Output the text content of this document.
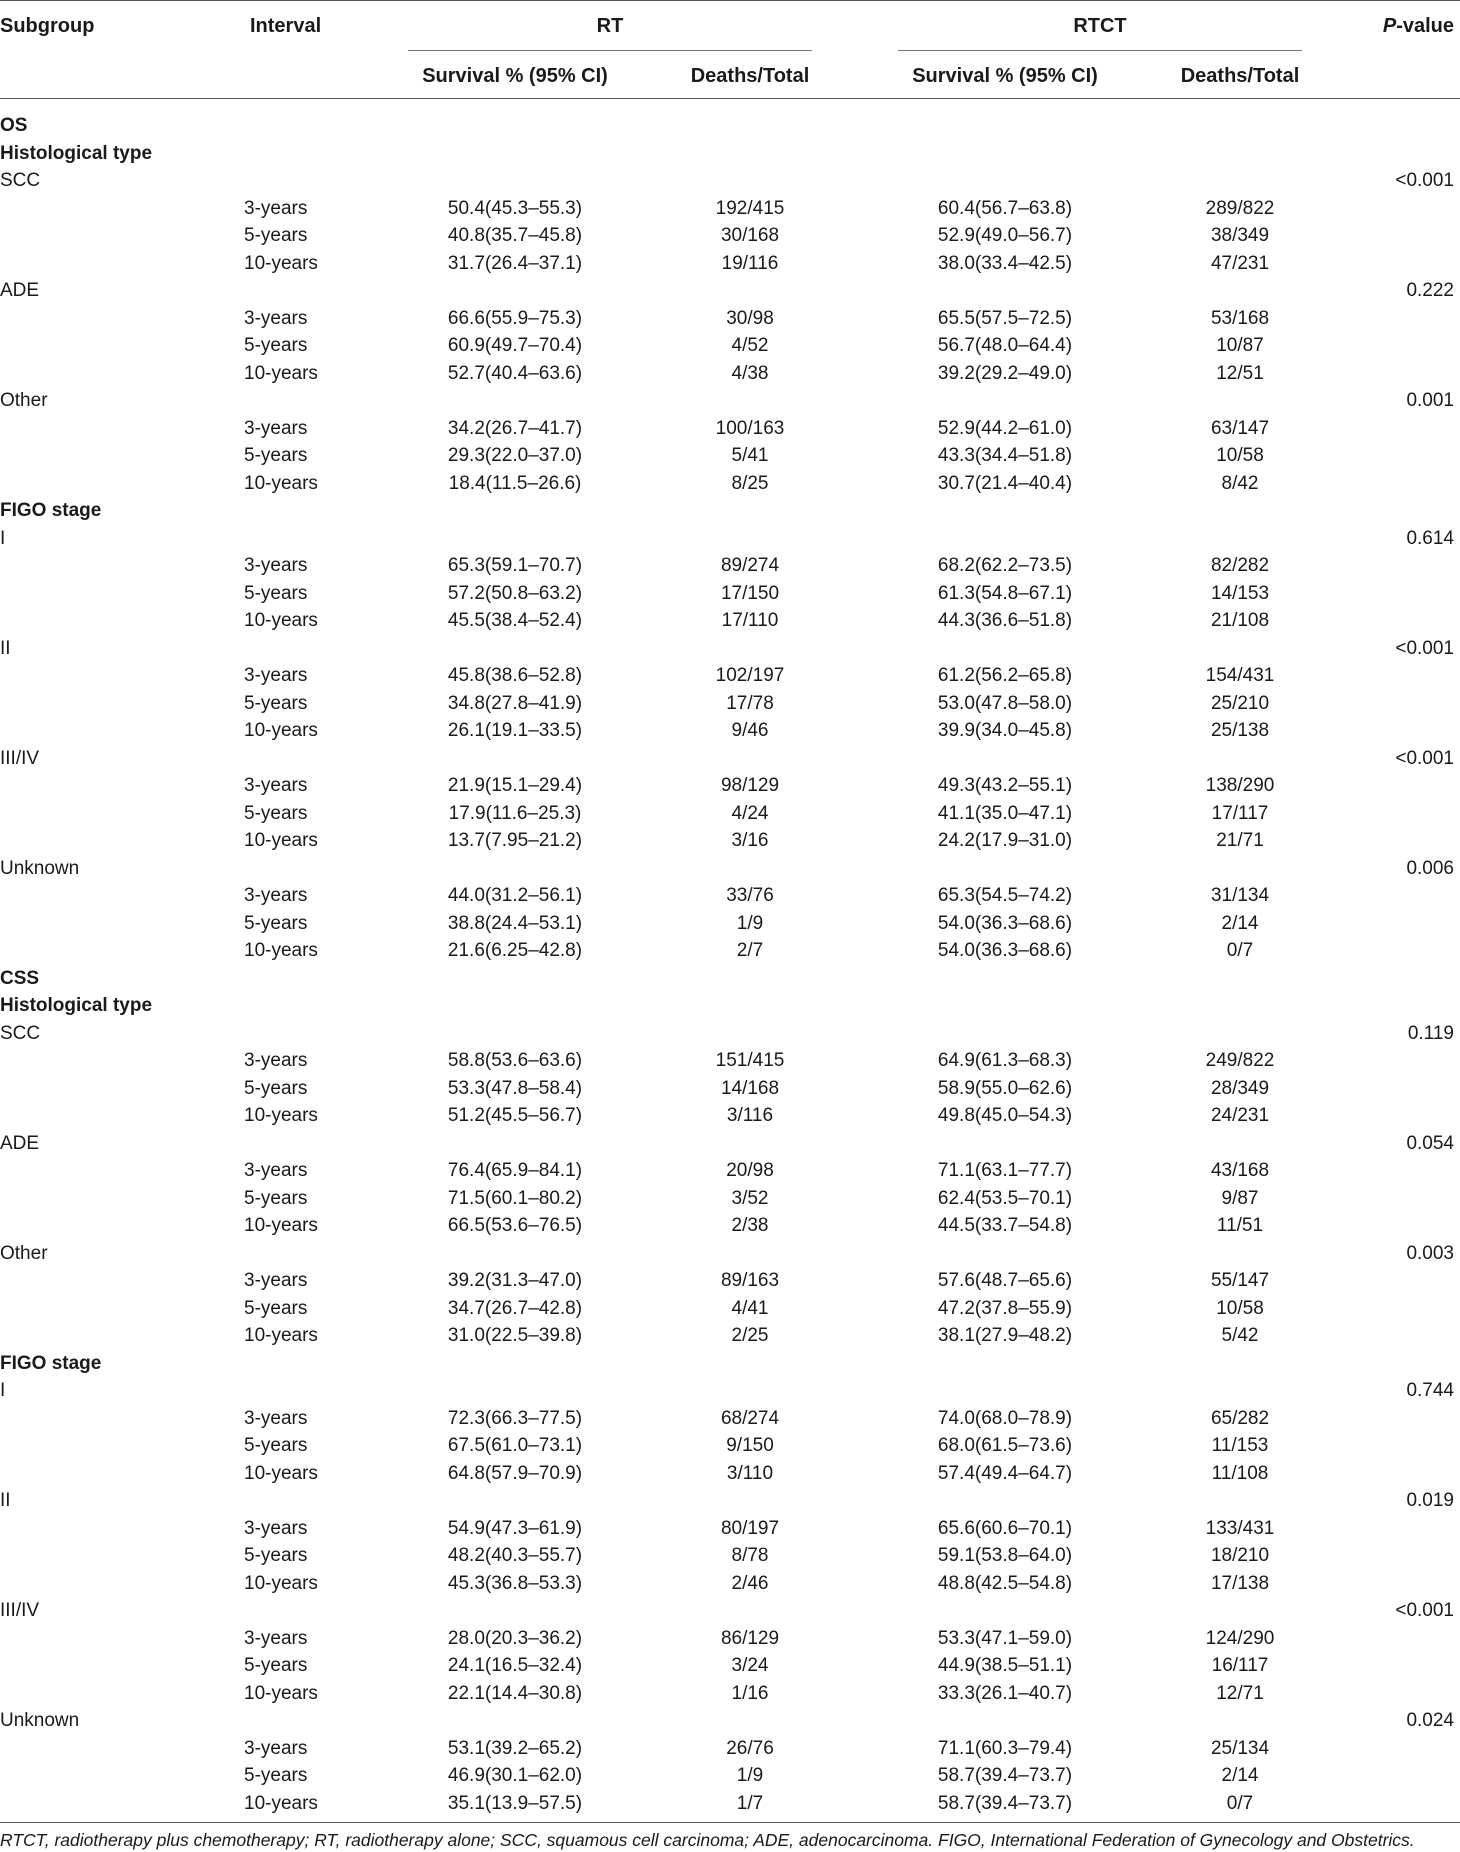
Subgroup	Interval	RT	RTCT	P-value
Survival % (95% CI)	Deaths/Total	Survival % (95% CI)	Deaths/Total
OS
Histological type
SCC	<0.001
3-years	50.4(45.3–55.3)	192/415	60.4(56.7–63.8)	289/822
5-years	40.8(35.7–45.8)	30/168	52.9(49.0–56.7)	38/349
10-years	31.7(26.4–37.1)	19/116	38.0(33.4–42.5)	47/231
ADE	0.222
3-years	66.6(55.9–75.3)	30/98	65.5(57.5–72.5)	53/168
5-years	60.9(49.7–70.4)	4/52	56.7(48.0–64.4)	10/87
10-years	52.7(40.4–63.6)	4/38	39.2(29.2–49.0)	12/51
Other	0.001
3-years	34.2(26.7–41.7)	100/163	52.9(44.2–61.0)	63/147
5-years	29.3(22.0–37.0)	5/41	43.3(34.4–51.8)	10/58
10-years	18.4(11.5–26.6)	8/25	30.7(21.4–40.4)	8/42
FIGO stage
I	0.614
3-years	65.3(59.1–70.7)	89/274	68.2(62.2–73.5)	82/282
5-years	57.2(50.8–63.2)	17/150	61.3(54.8–67.1)	14/153
10-years	45.5(38.4–52.4)	17/110	44.3(36.6–51.8)	21/108
II	<0.001
3-years	45.8(38.6–52.8)	102/197	61.2(56.2–65.8)	154/431
5-years	34.8(27.8–41.9)	17/78	53.0(47.8–58.0)	25/210
10-years	26.1(19.1–33.5)	9/46	39.9(34.0–45.8)	25/138
III/IV	<0.001
3-years	21.9(15.1–29.4)	98/129	49.3(43.2–55.1)	138/290
5-years	17.9(11.6–25.3)	4/24	41.1(35.0–47.1)	17/117
10-years	13.7(7.95–21.2)	3/16	24.2(17.9–31.0)	21/71
Unknown	0.006
3-years	44.0(31.2–56.1)	33/76	65.3(54.5–74.2)	31/134
5-years	38.8(24.4–53.1)	1/9	54.0(36.3–68.6)	2/14
10-years	21.6(6.25–42.8)	2/7	54.0(36.3–68.6)	0/7
CSS
Histological type
SCC	0.119
3-years	58.8(53.6–63.6)	151/415	64.9(61.3–68.3)	249/822
5-years	53.3(47.8–58.4)	14/168	58.9(55.0–62.6)	28/349
10-years	51.2(45.5–56.7)	3/116	49.8(45.0–54.3)	24/231
ADE	0.054
3-years	76.4(65.9–84.1)	20/98	71.1(63.1–77.7)	43/168
5-years	71.5(60.1–80.2)	3/52	62.4(53.5–70.1)	9/87
10-years	66.5(53.6–76.5)	2/38	44.5(33.7–54.8)	11/51
Other	0.003
3-years	39.2(31.3–47.0)	89/163	57.6(48.7–65.6)	55/147
5-years	34.7(26.7–42.8)	4/41	47.2(37.8–55.9)	10/58
10-years	31.0(22.5–39.8)	2/25	38.1(27.9–48.2)	5/42
FIGO stage
I	0.744
3-years	72.3(66.3–77.5)	68/274	74.0(68.0–78.9)	65/282
5-years	67.5(61.0–73.1)	9/150	68.0(61.5–73.6)	11/153
10-years	64.8(57.9–70.9)	3/110	57.4(49.4–64.7)	11/108
II	0.019
3-years	54.9(47.3–61.9)	80/197	65.6(60.6–70.1)	133/431
5-years	48.2(40.3–55.7)	8/78	59.1(53.8–64.0)	18/210
10-years	45.3(36.8–53.3)	2/46	48.8(42.5–54.8)	17/138
III/IV	<0.001
3-years	28.0(20.3–36.2)	86/129	53.3(47.1–59.0)	124/290
5-years	24.1(16.5–32.4)	3/24	44.9(38.5–51.1)	16/117
10-years	22.1(14.4–30.8)	1/16	33.3(26.1–40.7)	12/71
Unknown	0.024
3-years	53.1(39.2–65.2)	26/76	71.1(60.3–79.4)	25/134
5-years	46.9(30.1–62.0)	1/9	58.7(39.4–73.7)	2/14
10-years	35.1(13.9–57.5)	1/7	58.7(39.4–73.7)	0/7
RTCT, radiotherapy plus chemotherapy; RT, radiotherapy alone; SCC, squamous cell carcinoma; ADE, adenocarcinoma. FIGO, International Federation of Gynecology and Obstetrics.
